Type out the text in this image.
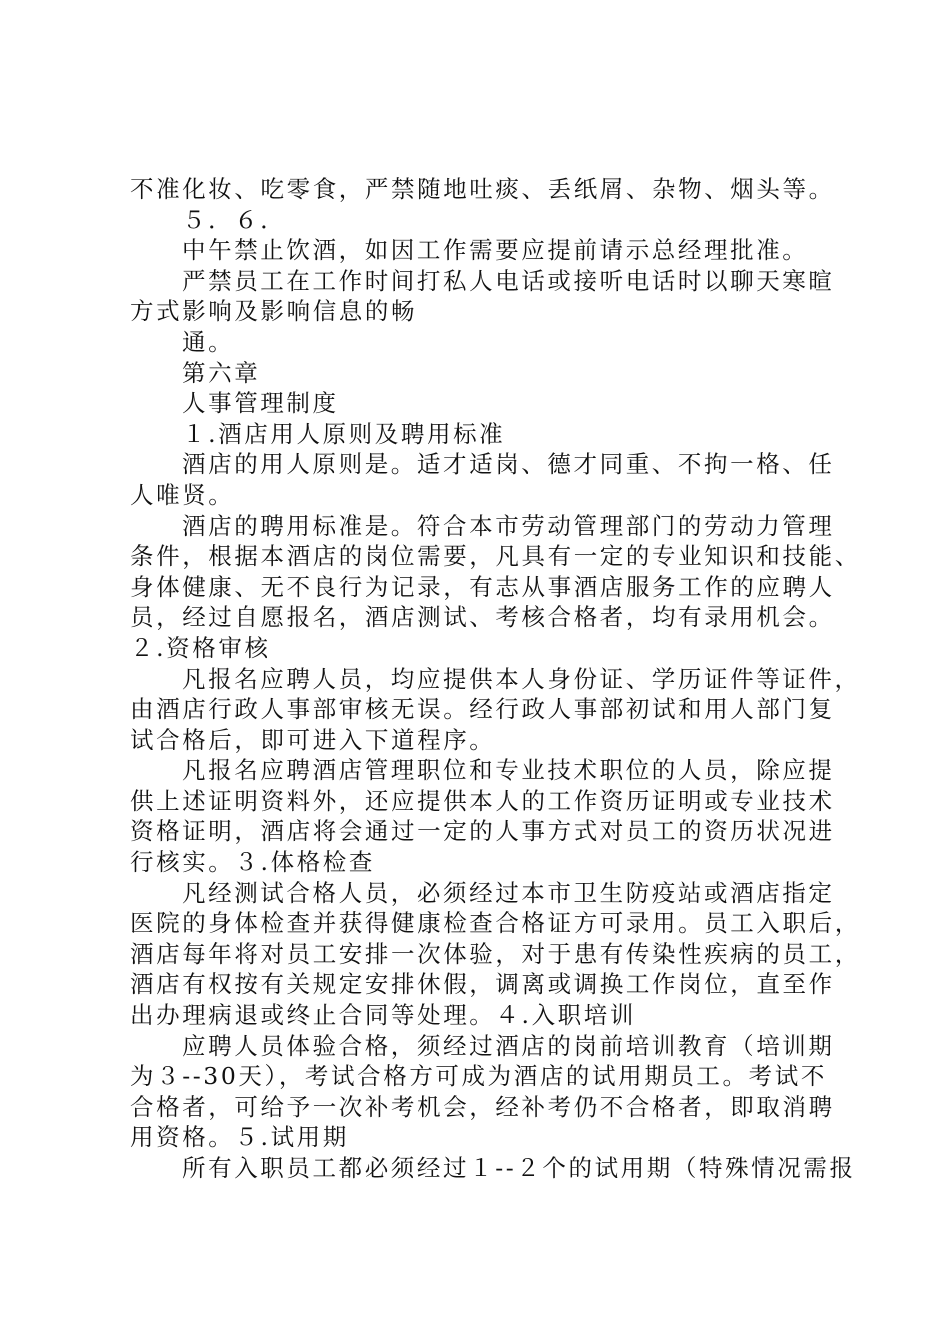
不准化妆、吃零食，严禁随地吐痰、丢纸屑、杂物、烟头等。
５．６．
中午禁止饮酒，如因工作需要应提前请示总经理批准。
严禁员工在工作时间打私人电话或接听电话时以聊天寒暄
方式影响及影响信息的畅
通。
第六章
人事管理制度
１.酒店用人原则及聘用标准
酒店的用人原则是。适才适岗、德才同重、不拘一格、任
人唯贤。
酒店的聘用标准是。符合本市劳动管理部门的劳动力管理
条件，根据本酒店的岗位需要，凡具有一定的专业知识和技能、
身体健康、无不良行为记录，有志从事酒店服务工作的应聘人
员，经过自愿报名，酒店测试、考核合格者，均有录用机会。
２.资格审核
凡报名应聘人员，均应提供本人身份证、学历证件等证件，
由酒店行政人事部审核无误。经行政人事部初试和用人部门复
试合格后，即可进入下道程序。
凡报名应聘酒店管理职位和专业技术职位的人员，除应提
供上述证明资料外，还应提供本人的工作资历证明或专业技术
资格证明，酒店将会通过一定的人事方式对员工的资历状况进
行核实。３.体格检查
凡经测试合格人员，必须经过本市卫生防疫站或酒店指定
医院的身体检查并获得健康检查合格证方可录用。员工入职后，
酒店每年将对员工安排一次体验，对于患有传染性疾病的员工，
酒店有权按有关规定安排休假，调离或调换工作岗位，直至作
出办理病退或终止合同等处理。４.入职培训
应聘人员体验合格，须经过酒店的岗前培训教育（培训期
为３--30天），考试合格方可成为酒店的试用期员工。考试不
合格者，可给予一次补考机会，经补考仍不合格者，即取消聘
用资格。５.试用期
所有入职员工都必须经过１--２个的试用期（特殊情况需报
